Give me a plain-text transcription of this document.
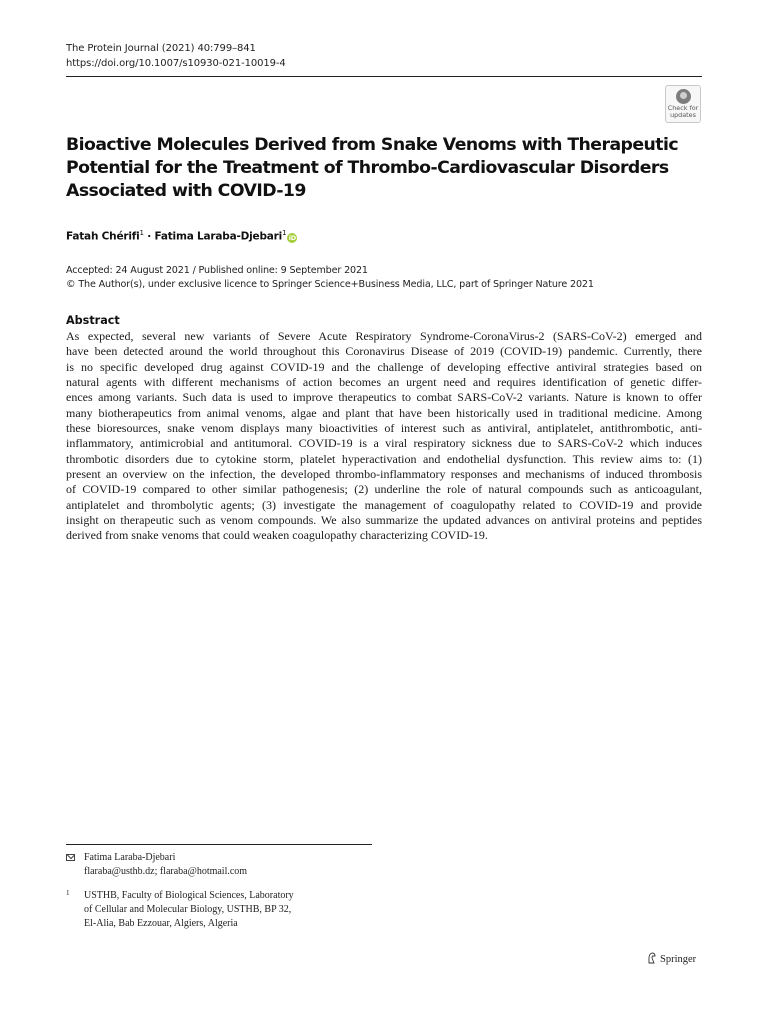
The Protein Journal (2021) 40:799–841
https://doi.org/10.1007/s10930-021-10019-4
Check for
updates
Bioactive Molecules Derived from Snake Venoms with Therapeutic
Potential for the Treatment of Thrombo-Cardiovascular Disorders
Associated with COVID-19
Fatah Chérifi$^1$ · Fatima Laraba-Djebari$^1$iD
Accepted: 24 August 2021 / Published online: 9 September 2021
© The Author(s), under exclusive licence to Springer Science+Business Media, LLC, part of Springer Nature 2021
Abstract
As expected, several new variants of Severe Acute Respiratory Syndrome-CoronaVirus-2 (SARS-CoV-2) emerged and
have been detected around the world throughout this Coronavirus Disease of 2019 (COVID-19) pandemic. Currently, there
is no specific developed drug against COVID-19 and the challenge of developing effective antiviral strategies based on
natural agents with different mechanisms of action becomes an urgent need and requires identification of genetic differ-
ences among variants. Such data is used to improve therapeutics to combat SARS-CoV-2 variants. Nature is known to offer
many biotherapeutics from animal venoms, algae and plant that have been historically used in traditional medicine. Among
these bioresources, snake venom displays many bioactivities of interest such as antiviral, antiplatelet, antithrombotic, anti-
inflammatory, antimicrobial and antitumoral. COVID-19 is a viral respiratory sickness due to SARS-CoV-2 which induces
thrombotic disorders due to cytokine storm, platelet hyperactivation and endothelial dysfunction. This review aims to: (1)
present an overview on the infection, the developed thrombo-inflammatory responses and mechanisms of induced thrombosis
of COVID-19 compared to other similar pathogenesis; (2) underline the role of natural compounds such as anticoagulant,
antiplatelet and thrombolytic agents; (3) investigate the management of coagulopathy related to COVID-19 and provide
insight on therapeutic such as venom compounds. We also summarize the updated advances on antiviral proteins and peptides
derived from snake venoms that could weaken coagulopathy characterizing COVID-19.
Fatima Laraba-Djebari
flaraba@usthb.dz; flaraba@hotmail.com
1 USTHB, Faculty of Biological Sciences, Laboratory
of Cellular and Molecular Biology, USTHB, BP 32,
El-Alia, Bab Ezzouar, Algiers, Algeria
Springer
